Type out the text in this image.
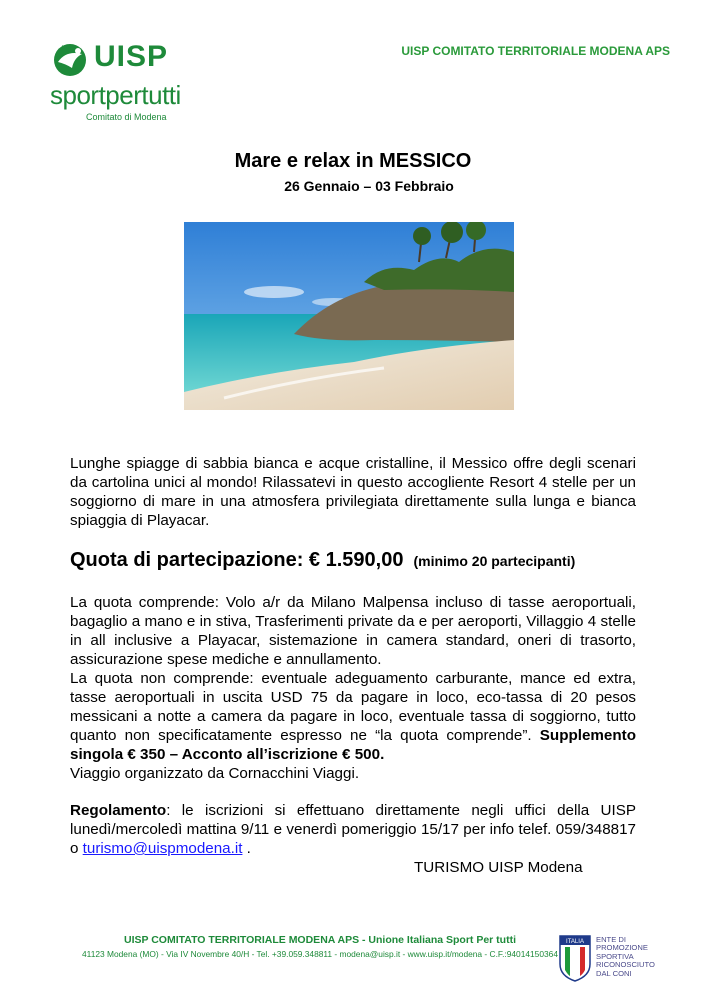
UISP UISP
sportpertutti
Comitato di Modena
UISP COMITATO TERRITORIALE MODENA APS
Mare e relax in MESSICO
26 Gennaio – 03 Febbraio
Lunghe spiagge di sabbia bianca e acque cristalline, il Messico offre degli scenari da cartolina unici al mondo! Rilassatevi in questo accogliente Resort 4 stelle per un soggiorno di mare in una atmosfera privilegiata direttamente sulla lunga e bianca spiaggia di Playacar.
Quota di partecipazione: € 1.590,00 (minimo 20 partecipanti)
La quota comprende: Volo a/r da Milano Malpensa incluso di tasse aeroportuali, bagaglio a mano e in stiva, Trasferimenti private da e per aeroporti, Villaggio 4 stelle in all inclusive a Playacar, sistemazione in camera standard, oneri di trasorto, assicurazione spese mediche e annullamento.
La quota non comprende: eventuale adeguamento carburante, mance ed extra, tasse aeroportuali in uscita USD 75 da pagare in loco, eco-tassa di 20 pesos messicani a notte a camera da pagare in loco, eventuale tassa di soggiorno, tutto quanto non specificatamente espresso ne “la quota comprende”. Supplemento singola € 350 – Acconto all’iscrizione € 500.
Viaggio organizzato da Cornacchini Viaggi.
Regolamento: le iscrizioni si effettuano direttamente negli uffici della UISP lunedì/mercoledì mattina 9/11 e venerdì pomeriggio 15/17 per info telef. 059/348817 o turismo@uispmodena.it .
TURISMO UISP Modena
UISP COMITATO TERRITORIALE MODENA APS - Unione Italiana Sport Per tutti
41123 Modena (MO) - Via IV Novembre 40/H - Tel. +39.059.348811 - modena@uisp.it - www.uisp.it/modena - C.F.:94014150364
ITALIA ENTE DI PROMOZIONE
SPORTIVA
RICONOSCIUTO
DAL CONI
